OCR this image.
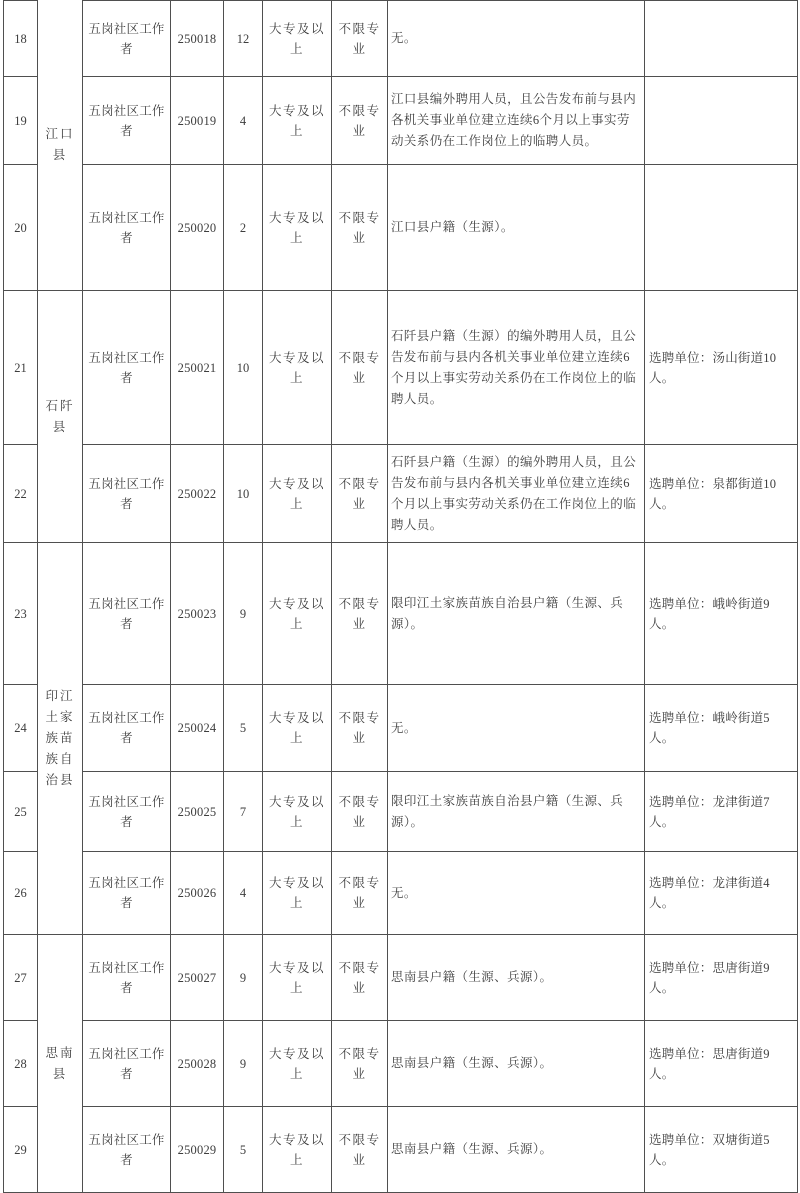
18	江口县	五岗社区工作者	250018	12	大专及以上	不限专业	无。	
19		五岗社区工作者	250019	4	大专及以上	不限专业	江口县编外聘用人员，且公告发布前与县内各机关事业单位建立连续6个月以上事实劳动关系仍在工作岗位上的临聘人员。	
20		五岗社区工作者	250020	2	大专及以上	不限专业	江口县户籍（生源）。	
21	石阡县	五岗社区工作者	250021	10	大专及以上	不限专业	石阡县户籍（生源）的编外聘用人员，且公告发布前与县内各机关事业单位建立连续6个月以上事实劳动关系仍在工作岗位上的临聘人员。	选聘单位：汤山街道10人。
22		五岗社区工作者	250022	10	大专及以上	不限专业	石阡县户籍（生源）的编外聘用人员，且公告发布前与县内各机关事业单位建立连续6个月以上事实劳动关系仍在工作岗位上的临聘人员。	选聘单位：泉都街道10人。
23	印江土家族苗族自治县	五岗社区工作者	250023	9	大专及以上	不限专业	限印江土家族苗族自治县户籍（生源、兵源）。	选聘单位：峨岭街道9人。
24		五岗社区工作者	250024	5	大专及以上	不限专业	无。	选聘单位：峨岭街道5人。
25		五岗社区工作者	250025	7	大专及以上	不限专业	限印江土家族苗族自治县户籍（生源、兵源）。	选聘单位：龙津街道7人。
26		五岗社区工作者	250026	4	大专及以上	不限专业	无。	选聘单位：龙津街道4人。
27	思南县	五岗社区工作者	250027	9	大专及以上	不限专业	思南县户籍（生源、兵源）。	选聘单位：思唐街道9人。
28		五岗社区工作者	250028	9	大专及以上	不限专业	思南县户籍（生源、兵源）。	选聘单位：思唐街道9人。
29		五岗社区工作者	250029	5	大专及以上	不限专业	思南县户籍（生源、兵源）。	选聘单位：双塘街道5人。
